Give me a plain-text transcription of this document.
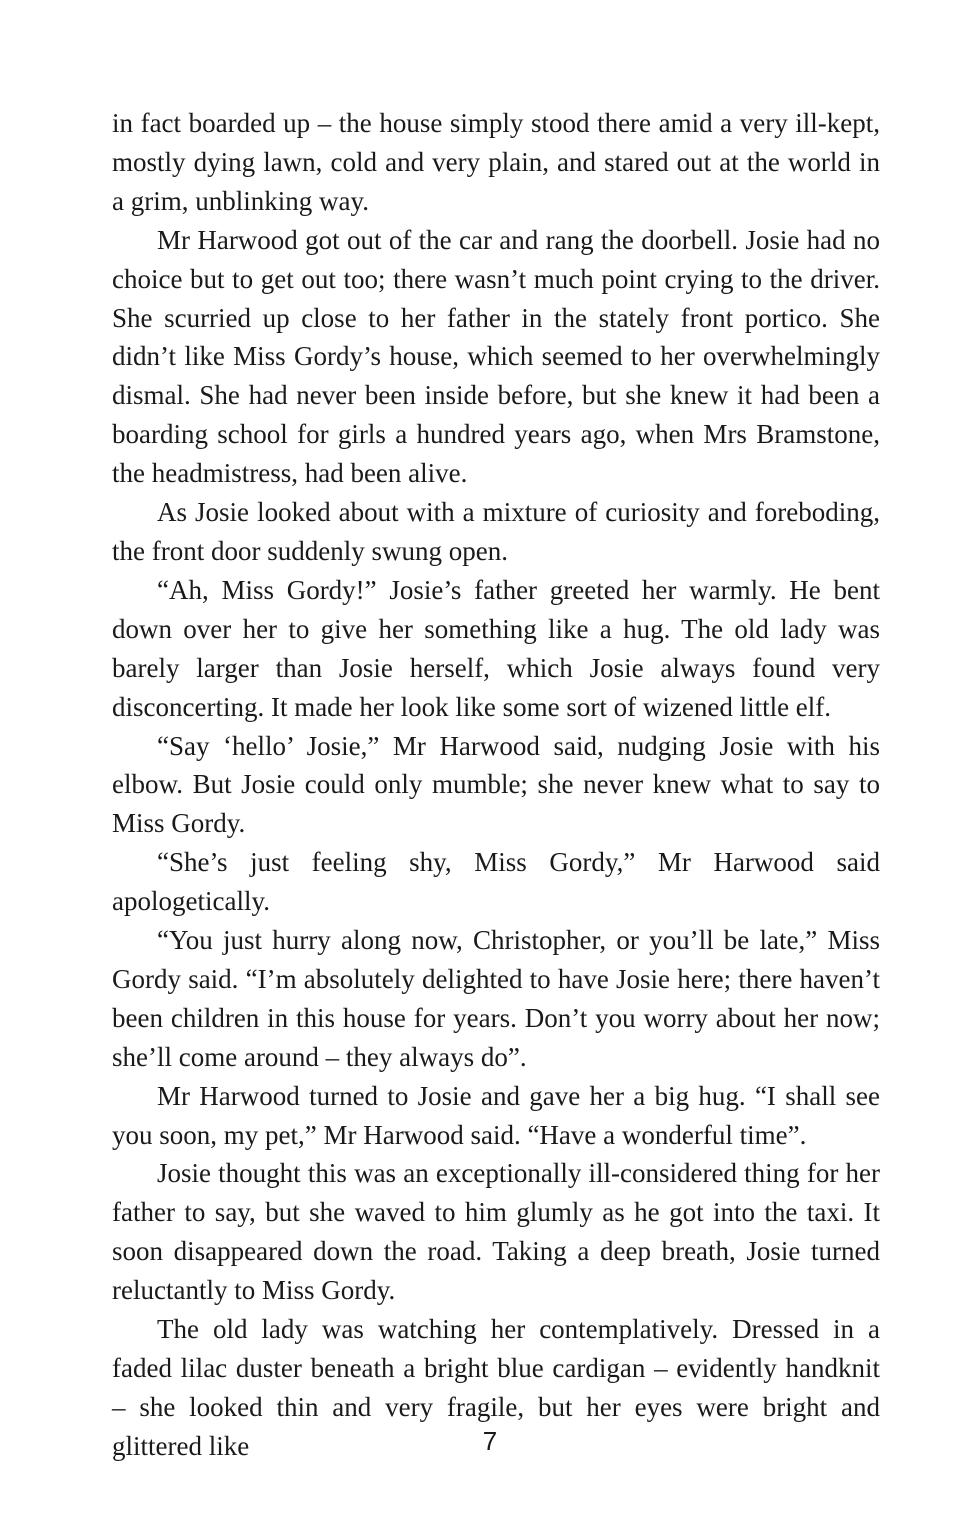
in fact boarded up – the house simply stood there amid a very ill-kept, mostly dying lawn, cold and very plain, and stared out at the world in a grim, unblinking way.

Mr Harwood got out of the car and rang the doorbell. Josie had no choice but to get out too; there wasn’t much point crying to the driver. She scurried up close to her father in the stately front portico. She didn’t like Miss Gordy’s house, which seemed to her overwhelmingly dismal. She had never been inside before, but she knew it had been a boarding school for girls a hundred years ago, when Mrs Bramstone, the headmistress, had been alive.

As Josie looked about with a mixture of curiosity and foreboding, the front door suddenly swung open.

“Ah, Miss Gordy!” Josie’s father greeted her warmly. He bent down over her to give her something like a hug. The old lady was barely larger than Josie herself, which Josie always found very disconcerting. It made her look like some sort of wizened little elf.

“Say ‘hello’ Josie,” Mr Harwood said, nudging Josie with his elbow. But Josie could only mumble; she never knew what to say to Miss Gordy.

“She’s just feeling shy, Miss Gordy,” Mr Harwood said apologetically.

“You just hurry along now, Christopher, or you’ll be late,” Miss Gordy said. “I’m absolutely delighted to have Josie here; there haven’t been children in this house for years. Don’t you worry about her now; she’ll come around – they always do”.

Mr Harwood turned to Josie and gave her a big hug. “I shall see you soon, my pet,” Mr Harwood said. “Have a wonderful time”.

Josie thought this was an exceptionally ill-considered thing for her father to say, but she waved to him glumly as he got into the taxi. It soon disappeared down the road. Taking a deep breath, Josie turned reluctantly to Miss Gordy.

The old lady was watching her contemplatively. Dressed in a faded lilac duster beneath a bright blue cardigan – evidently handknit – she looked thin and very fragile, but her eyes were bright and glittered like	7
